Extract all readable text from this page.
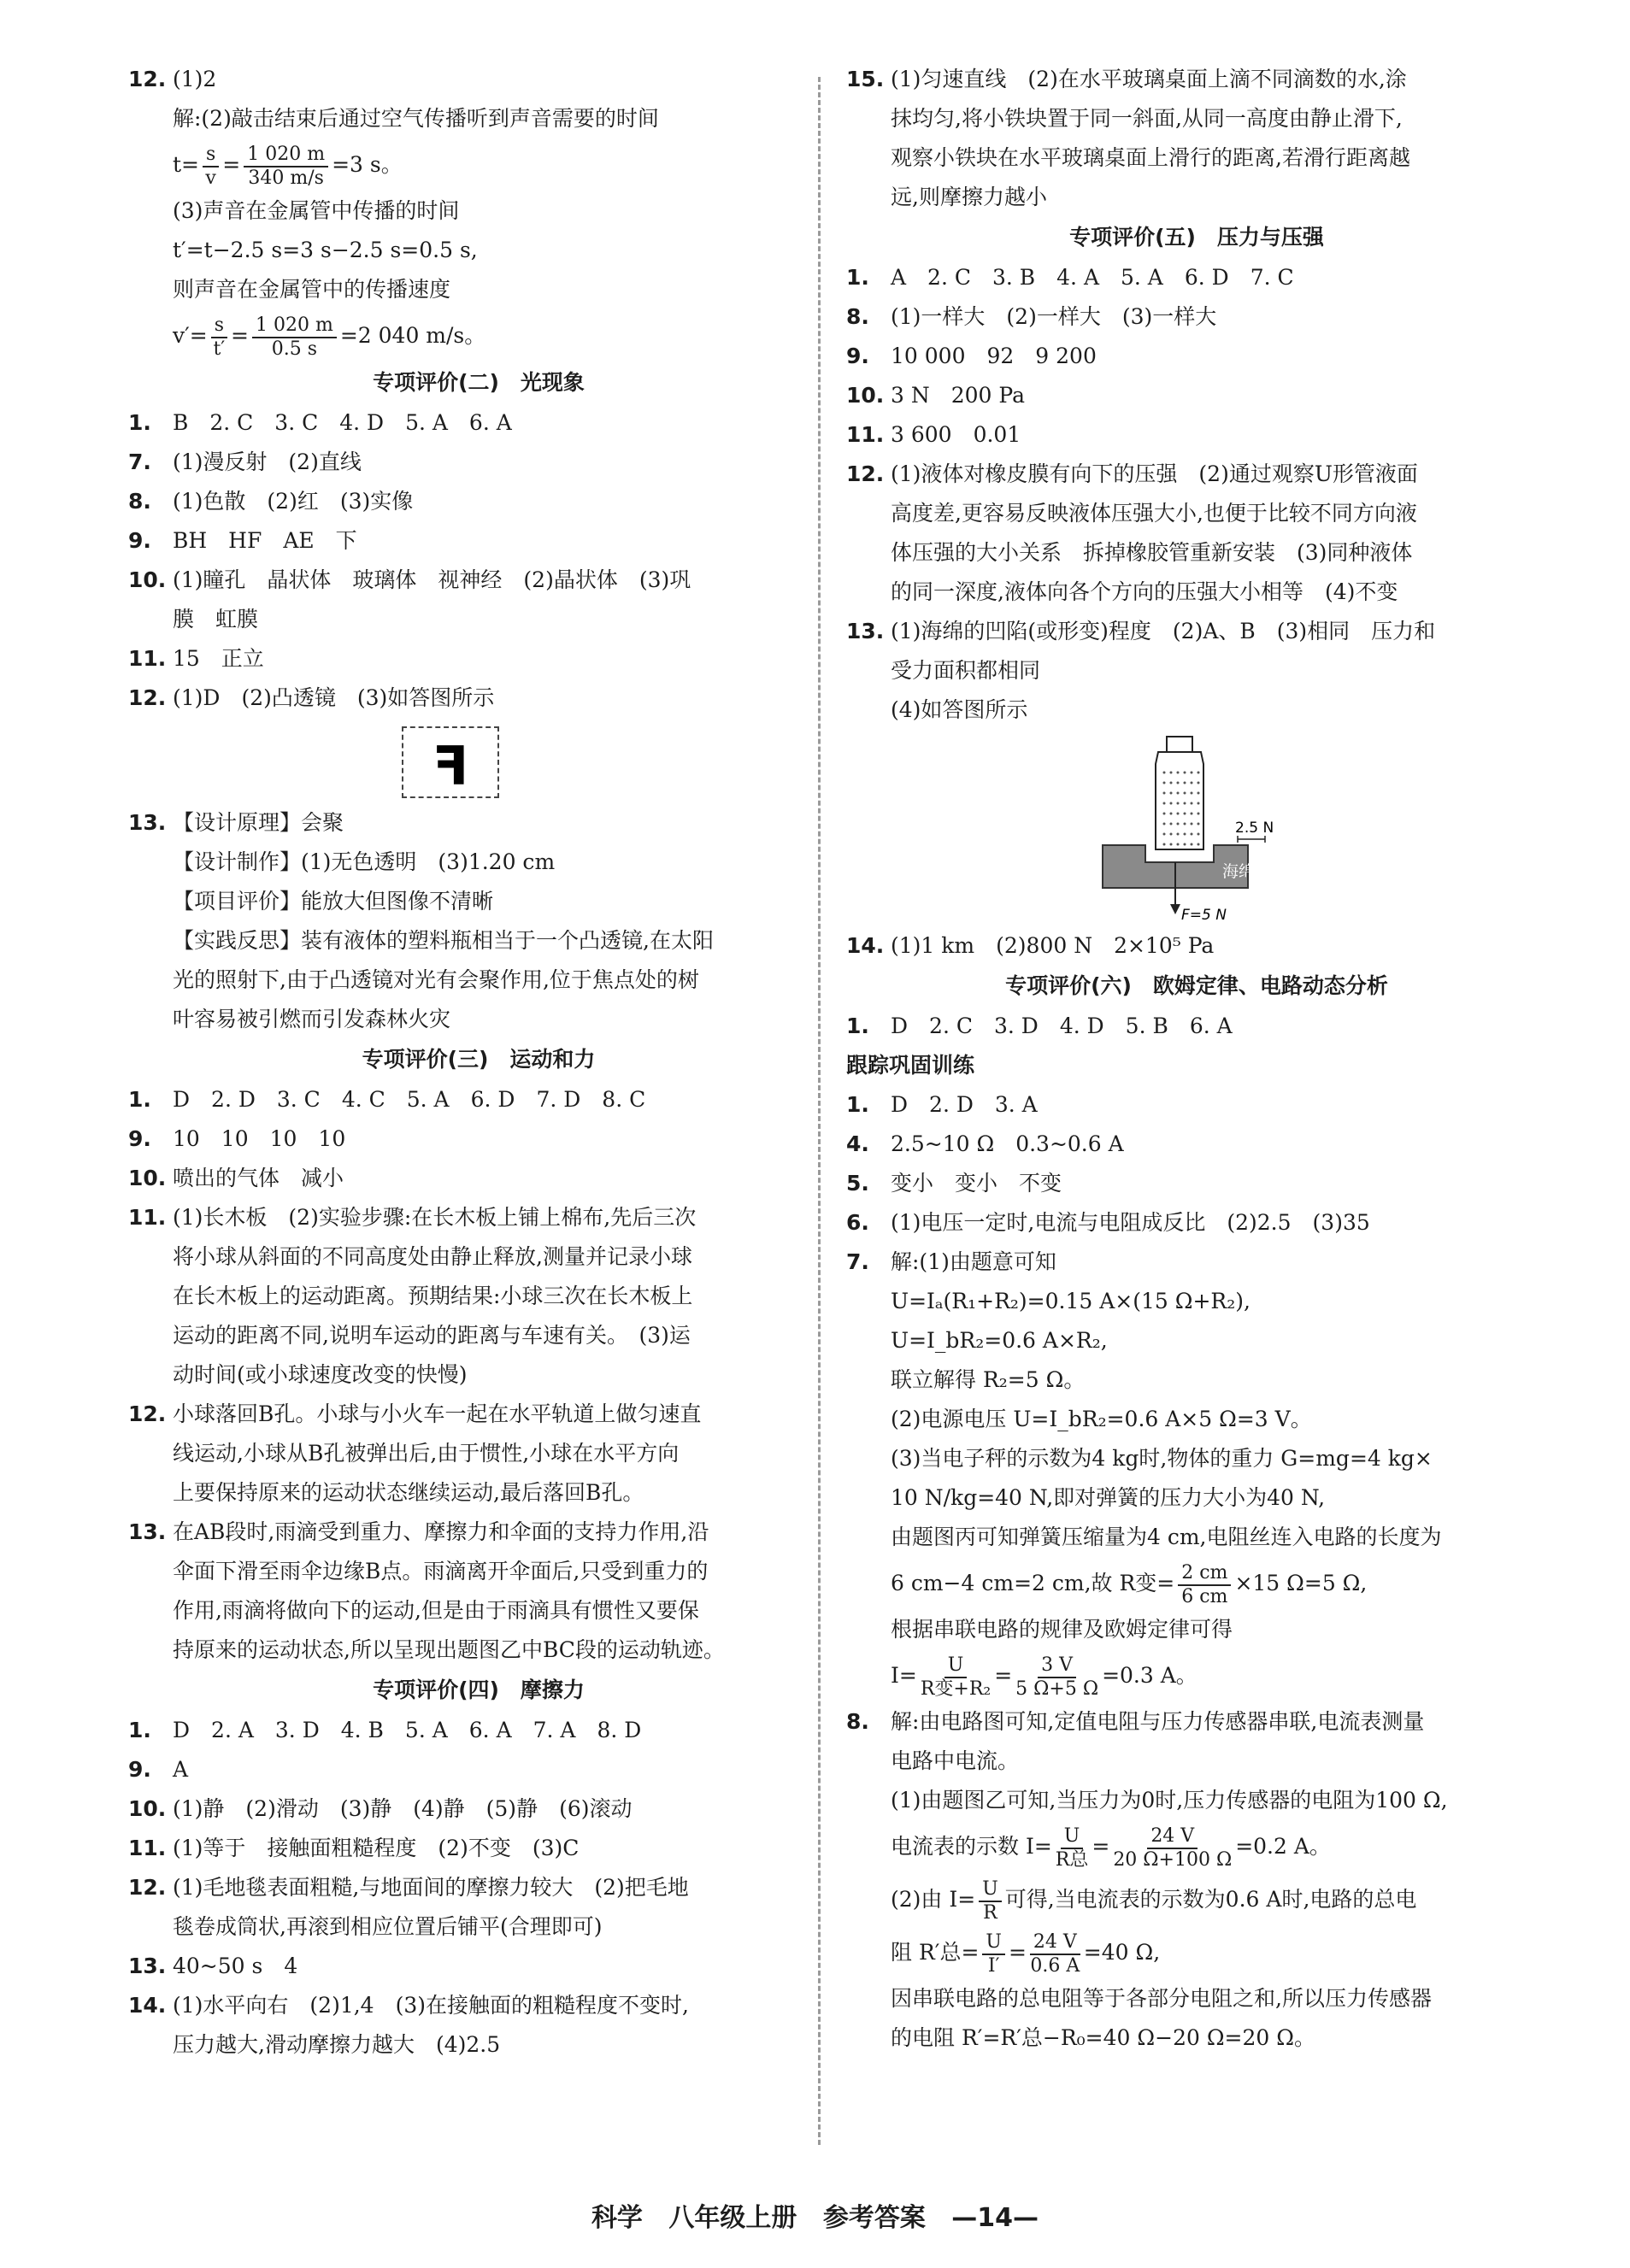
12. (1)2
解:(2)敲击结束后通过空气传播听到声音需要的时间
$t= \frac{s}{v} = \frac{1 020 m}{340 m/s} =3$ s。
(3)声音在金属管中传播的时间
t′=t−2.5 s=3 s−2.5 s=0.5 s,
则声音在金属管中的传播速度
$v'= \frac{s}{t'} = \frac{1 020 m}{0.5 s} =2$ 040 m/s。
专项评价(二)　光现象
1. B　2. C　3. C　4. D　5. A　6. A
7. (1)漫反射　(2)直线
8. (1)色散　(2)红　(3)实像
9. BH　HF　AE　下
10. (1)瞳孔　晶状体　玻璃体　视神经　(2)晶状体　(3)巩
膜　虹膜
11. 15　正立
12. (1)D　(2)凸透镜　(3)如答图所示
F
13. 【设计原理】会聚
【设计制作】(1)无色透明　(3)1.20 cm
【项目评价】能放大但图像不清晰
【实践反思】装有液体的塑料瓶相当于一个凸透镜,在太阳
光的照射下,由于凸透镜对光有会聚作用,位于焦点处的树
叶容易被引燃而引发森林火灾
专项评价(三)　运动和力
1. D　2. D　3. C　4. C　5. A　6. D　7. D　8. C
9. 10　10　10　10
10. 喷出的气体　减小
11. (1)长木板　(2)实验步骤:在长木板上铺上棉布,先后三次
将小球从斜面的不同高度处由静止释放,测量并记录小球
在长木板上的运动距离。预期结果:小球三次在长木板上
运动的距离不同,说明车运动的距离与车速有关。　(3)运
动时间(或小球速度改变的快慢)
12. 小球落回B孔。小球与小火车一起在水平轨道上做匀速直
线运动,小球从B孔被弹出后,由于惯性,小球在水平方向
上要保持原来的运动状态继续运动,最后落回B孔。
13. 在AB段时,雨滴受到重力、摩擦力和伞面的支持力作用,沿
伞面下滑至雨伞边缘B点。雨滴离开伞面后,只受到重力的
作用,雨滴将做向下的运动,但是由于雨滴具有惯性又要保
持原来的运动状态,所以呈现出题图乙中BC段的运动轨迹。
专项评价(四)　摩擦力
1. D　2. A　3. D　4. B　5. A　6. A　7. A　8. D
9. A
10. (1)静　(2)滑动　(3)静　(4)静　(5)静　(6)滚动
11. (1)等于　接触面粗糙程度　(2)不变　(3)C
12. (1)毛地毯表面粗糙,与地面间的摩擦力较大　(2)把毛地
毯卷成筒状,再滚到相应位置后铺平(合理即可)
13. 40~50 s　4
14. (1)水平向右　(2)1,4　(3)在接触面的粗糙程度不变时,
压力越大,滑动摩擦力越大　(4)2.5
15. (1)匀速直线　(2)在水平玻璃桌面上滴不同滴数的水,涂
抹均匀,将小铁块置于同一斜面,从同一高度由静止滑下,
观察小铁块在水平玻璃桌面上滑行的距离,若滑行距离越
远,则摩擦力越小
专项评价(五)　压力与压强
1. A　2. C　3. B　4. A　5. A　6. D　7. C
8. (1)一样大　(2)一样大　(3)一样大
9. 10 000　92　9 200
10. 3 N　200 Pa
11. 3 600　0.01
12. (1)液体对橡皮膜有向下的压强　(2)通过观察U形管液面
高度差,更容易反映液体压强大小,也便于比较不同方向液
体压强的大小关系　拆掉橡胶管重新安装　(3)同种液体
的同一深度,液体向各个方向的压强大小相等　(4)不变
13. (1)海绵的凹陷(或形变)程度　(2)A、B　(3)相同　压力和
受力面积都相同
(4)如答图所示
海绵
2.5 N
F=5 N
14. (1)1 km　(2)800 N　2×10⁵ Pa
专项评价(六)　欧姆定律、电路动态分析
1. D　2. C　3. D　4. D　5. B　6. A
跟踪巩固训练
1. D　2. D　3. A
4. 2.5~10 Ω　0.3~0.6 A
5. 变小　变小　不变
6. (1)电压一定时,电流与电阻成反比　(2)2.5　(3)35
7. 解:(1)由题意可知
U=Iₐ(R₁+R₂)=0.15 A×(15 Ω+R₂),
U=I_bR₂=0.6 A×R₂,
联立解得 R₂=5 Ω。
(2)电源电压 U=I_bR₂=0.6 A×5 Ω=3 V。
(3)当电子秤的示数为4 kg时,物体的重力 G=mg=4 kg×
10 N/kg=40 N,即对弹簧的压力大小为40 N,
由题图丙可知弹簧压缩量为4 cm,电阻丝连入电路的长度为
6 cm−4 cm=2 cm,故 R变= $\frac{2 cm}{6 cm} \times 15$ Ω=5 Ω,
根据串联电路的规律及欧姆定律可得
$I= \frac{U}{\text{R变+R₂}} = \frac{3 V}{5 \Omega+5 \Omega} =0.3$ A。
8. 解:由电路图可知,定值电阻与压力传感器串联,电流表测量
电路中电流。
(1)由题图乙可知,当压力为0时,压力传感器的电阻为100 Ω,
电流表的示数 $I= \frac{U}{\text{R总}} = \frac{24 V}{20 \Omega+100 \Omega} =0.2$ A。
(2)由 $I= \frac{U}{R}$ 可得,当电流表的示数为0.6 A时,电路的总电
阻 R′总= $\frac{U}{I'} = \frac{24 V}{0.6 A} =40$ Ω,
因串联电路的总电阻等于各部分电阻之和,所以压力传感器
的电阻 R′=R′总−R₀=40 Ω−20 Ω=20 Ω。
科学 八年级上册 参考答案 —14—
